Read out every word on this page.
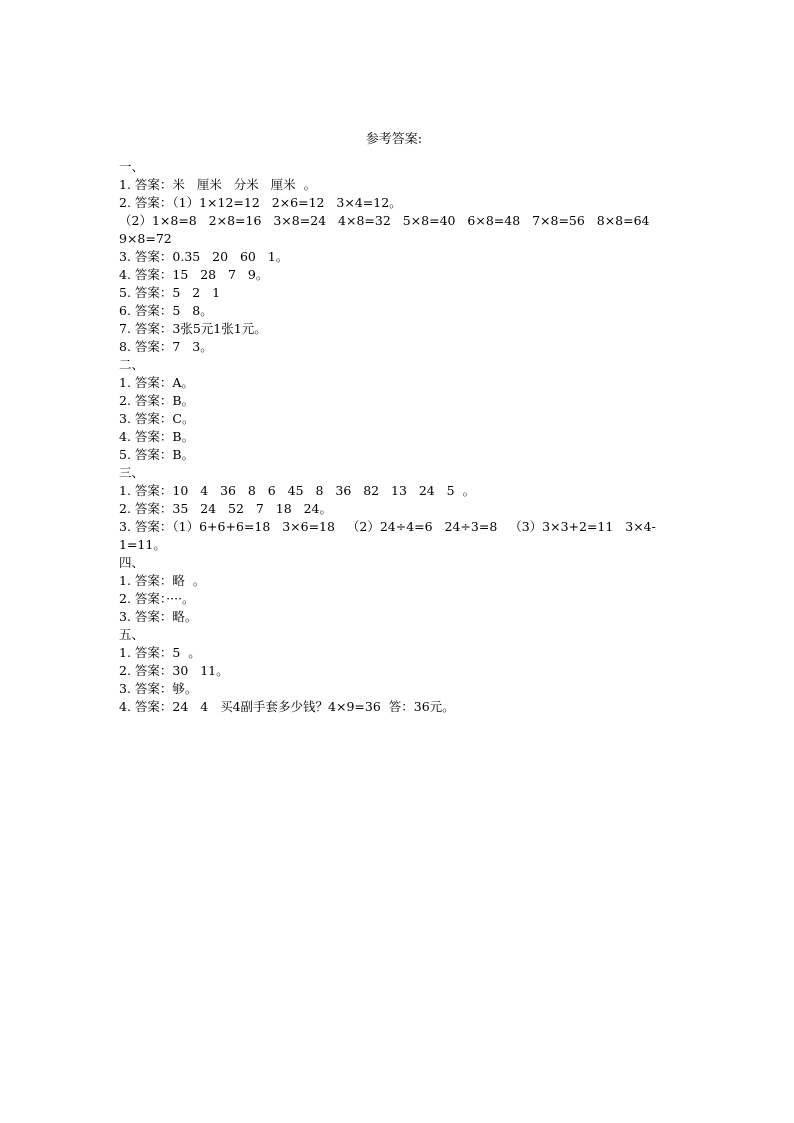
参考答案:
一、
1. 答案：米   厘米   分米   厘米  。
2. 答案：（1）1×12=12   2×6=12   3×4=12。
（2）1×8=8   2×8=16   3×8=24   4×8=32   5×8=40   6×8=48   7×8=56   8×8=64
9×8=72
3. 答案：0.35   20   60   1。
4. 答案：15   28   7   9。
5. 答案：5   2   1
6. 答案：5   8。
7. 答案：3张5元1张1元。
8. 答案：7   3。
二、
1. 答案：A。
2. 答案：B。
3. 答案：C。
4. 答案：B。
5. 答案：B。
三、
1. 答案：10   4   36   8   6   45   8   36   82   13   24   5  。
2. 答案：35   24   52   7   18   24。
3. 答案：（1）6+6+6=18   3×6=18   （2）24÷4=6   24÷3=8   （3）3×3+2=11   3×4-
1=11。
四、
1. 答案：略  。
2. 答案：····。
3. 答案：略。
五、
1. 答案：5  。
2. 答案：30   11。
3. 答案：够。
4. 答案：24   4   买4副手套多少钱？4×9=36  答：36元。
